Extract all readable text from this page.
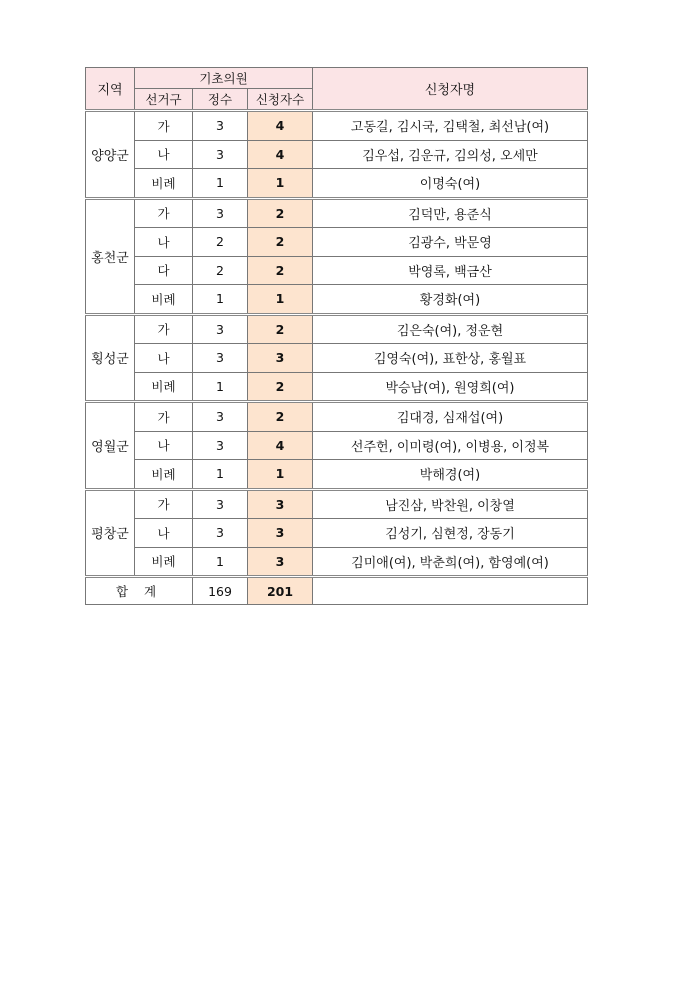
지역	기초의원			신청자명
	선거구	정수	신청자수	
양양군	가	3	4	고동길, 김시국, 김택철, 최선남(여)
	나	3	4	김우섭, 김운규, 김의성, 오세만
	비례	1	1	이명숙(여)
홍천군	가	3	2	김덕만, 용준식
	나	2	2	김광수, 박문영
	다	2	2	박영록, 백금산
	비례	1	1	황경화(여)
횡성군	가	3	2	김은숙(여), 정운현
	나	3	3	김영숙(여), 표한상, 홍월표
	비례	1	2	박승남(여), 원영희(여)
영월군	가	3	2	김대경, 심재섭(여)
	나	3	4	선주헌, 이미령(여), 이병용, 이정복
	비례	1	1	박해경(여)
평창군	가	3	3	남진삼, 박찬원, 이창열
	나	3	3	김성기, 심현정, 장동기
	비례	1	3	김미애(여), 박춘희(여), 함영예(여)
합 계		169	201	
